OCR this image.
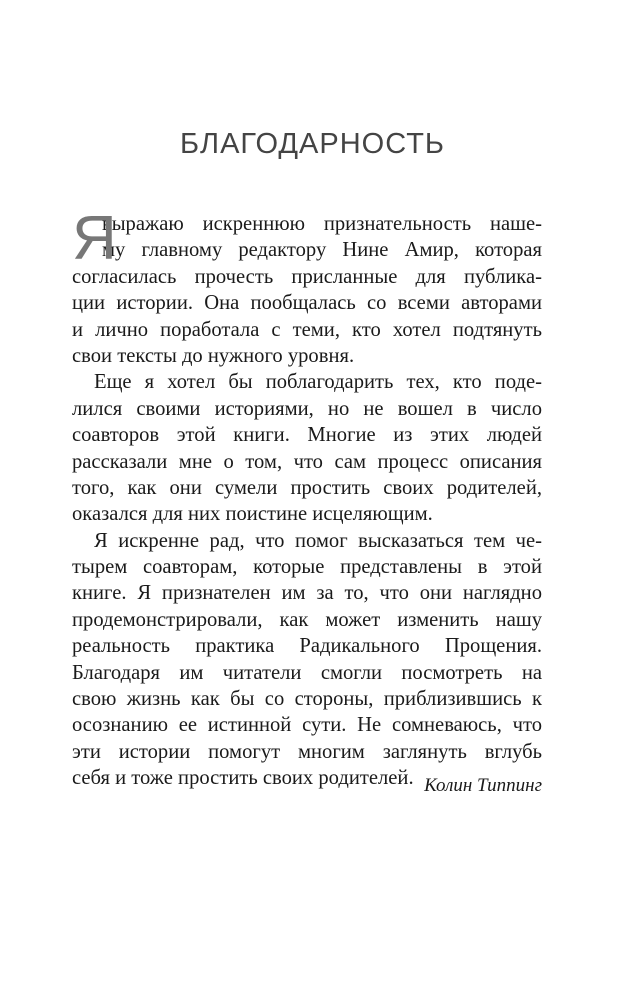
БЛАГОДАРНОСТЬ
Я
выражаю искреннюю признательность наше-
му главному редактору Нине Амир, которая
согласилась прочесть присланные для публика-
ции истории. Она пообщалась со всеми авторами
и лично поработала с теми, кто хотел подтянуть
свои тексты до нужного уровня.
Еще я хотел бы поблагодарить тех, кто поде-
лился своими историями, но не вошел в число
соавторов этой книги. Многие из этих людей
рассказали мне о том, что сам процесс описания
того, как они сумели простить своих родителей,
оказался для них поистине исцеляющим.
Я искренне рад, что помог высказаться тем че-
тырем соавторам, которые представлены в этой
книге. Я признателен им за то, что они наглядно
продемонстрировали, как может изменить нашу
реальность практика Радикального Прощения.
Благодаря им читатели смогли посмотреть на
свою жизнь как бы со стороны, приблизившись к
осознанию ее истинной сути. Не сомневаюсь, что
эти истории помогут многим заглянуть вглубь
себя и тоже простить своих родителей. Колин Типпинг
